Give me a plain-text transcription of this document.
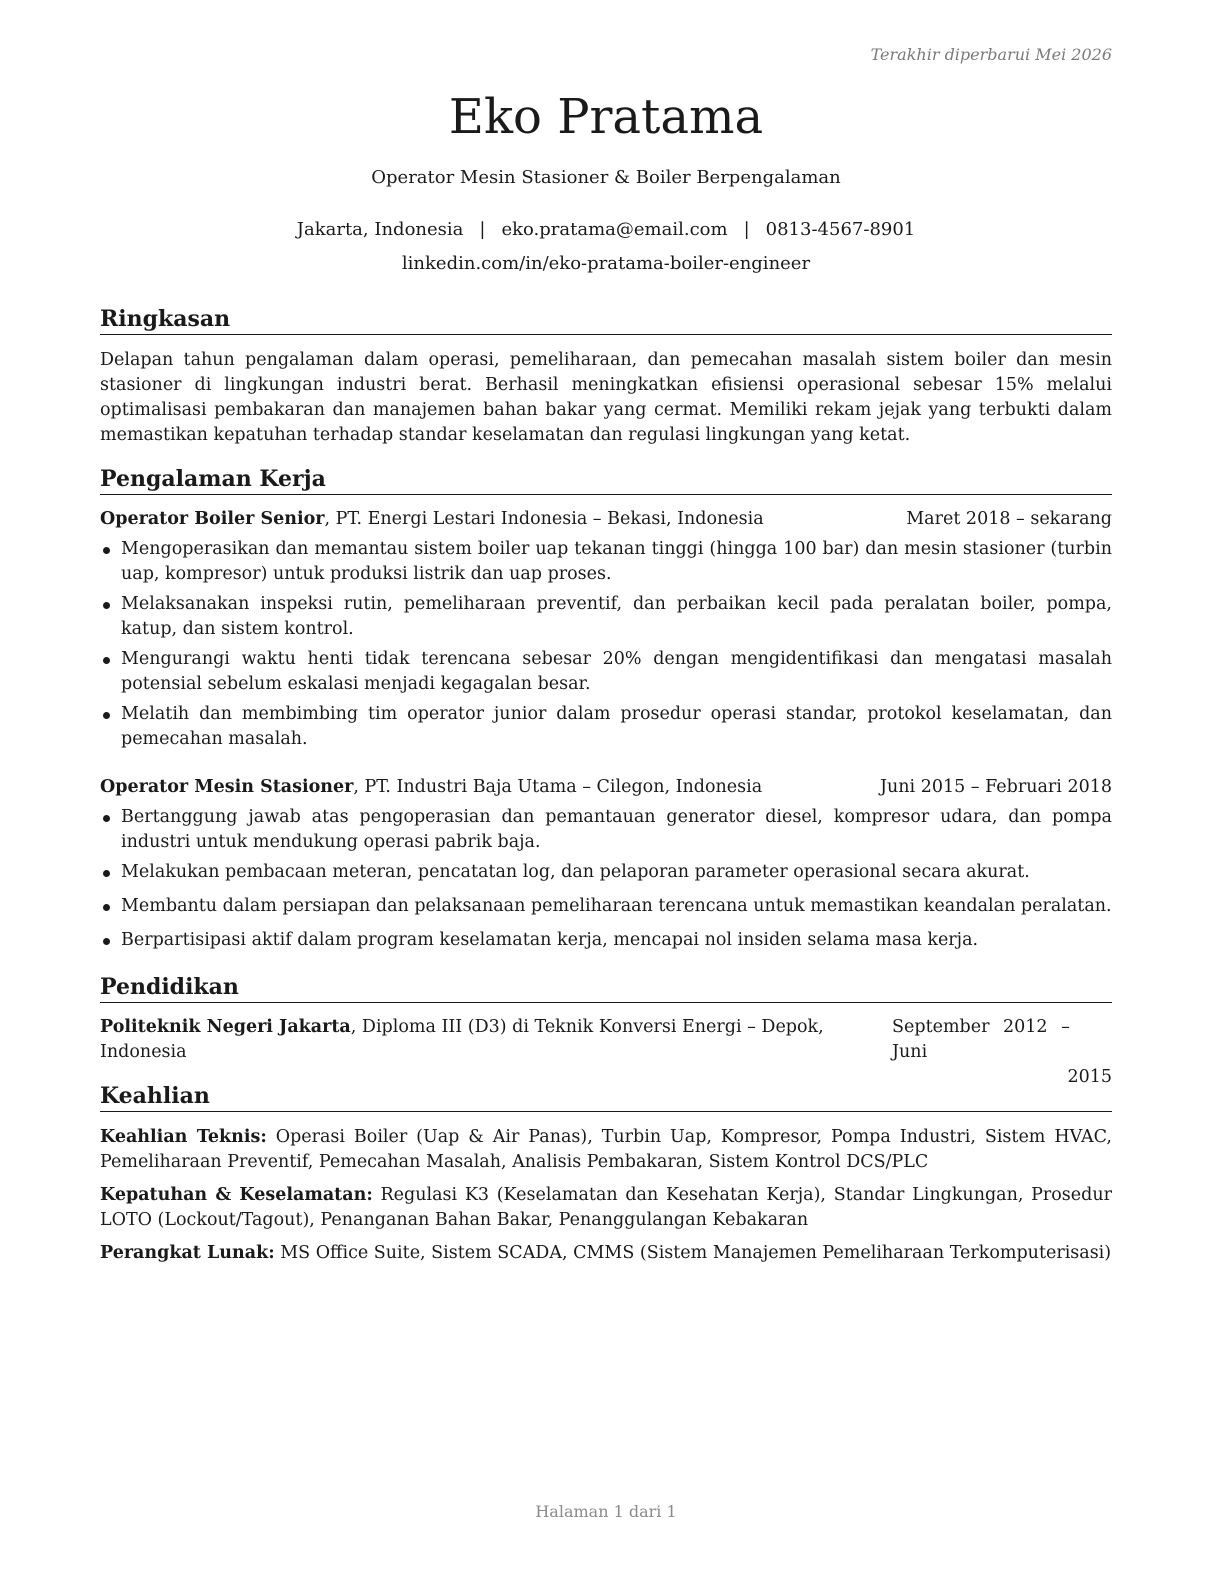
Terakhir diperbarui Mei 2026
Eko Pratama
Operator Mesin Stasioner & Boiler Berpengalaman
Jakarta, Indonesia | eko.pratama@email.com | 0813-4567-8901
linkedin.com/in/eko-pratama-boiler-engineer
Ringkasan
Delapan tahun pengalaman dalam operasi, pemeliharaan, dan pemecahan masalah sistem boiler dan mesin stasioner di lingkungan industri berat. Berhasil meningkatkan efisiensi operasional sebesar 15% melalui optimalisasi pembakaran dan manajemen bahan bakar yang cermat. Memiliki rekam jejak yang terbukti dalam memastikan kepatuhan terhadap standar keselamatan dan regulasi lingkungan yang ketat.
Pengalaman Kerja
Operator Boiler Senior, PT. Energi Lestari Indonesia – Bekasi, Indonesia	Maret 2018 – sekarang
Mengoperasikan dan memantau sistem boiler uap tekanan tinggi (hingga 100 bar) dan mesin stasioner (turbin uap, kompresor) untuk produksi listrik dan uap proses.
Melaksanakan inspeksi rutin, pemeliharaan preventif, dan perbaikan kecil pada peralatan boiler, pompa, katup, dan sistem kontrol.
Mengurangi waktu henti tidak terencana sebesar 20% dengan mengidentifikasi dan mengatasi masalah potensial sebelum eskalasi menjadi kegagalan besar.
Melatih dan membimbing tim operator junior dalam prosedur operasi standar, protokol keselamatan, dan pemecahan masalah.
Operator Mesin Stasioner, PT. Industri Baja Utama – Cilegon, Indonesia	Juni 2015 – Februari 2018
Bertanggung jawab atas pengoperasian dan pemantauan generator diesel, kompresor udara, dan pompa industri untuk mendukung operasi pabrik baja.
Melakukan pembacaan meteran, pencatatan log, dan pelaporan parameter operasional secara akurat.
Membantu dalam persiapan dan pelaksanaan pemeliharaan terencana untuk memastikan keandalan peralatan.
Berpartisipasi aktif dalam program keselamatan kerja, mencapai nol insiden selama masa kerja.
Pendidikan
Politeknik Negeri Jakarta, Diploma III (D3) di Teknik Konversi Energi – Depok, Indonesia
September 2012 – Juni
2015
Keahlian
Keahlian Teknis: Operasi Boiler (Uap & Air Panas), Turbin Uap, Kompresor, Pompa Industri, Sistem HVAC, Pemeliharaan Preventif, Pemecahan Masalah, Analisis Pembakaran, Sistem Kontrol DCS/PLC
Kepatuhan & Keselamatan: Regulasi K3 (Keselamatan dan Kesehatan Kerja), Standar Lingkungan, Prosedur LOTO (Lockout/Tagout), Penanganan Bahan Bakar, Penanggulangan Kebakaran
Perangkat Lunak: MS Office Suite, Sistem SCADA, CMMS (Sistem Manajemen Pemeliharaan Terkomputerisasi)
Halaman 1 dari 1
